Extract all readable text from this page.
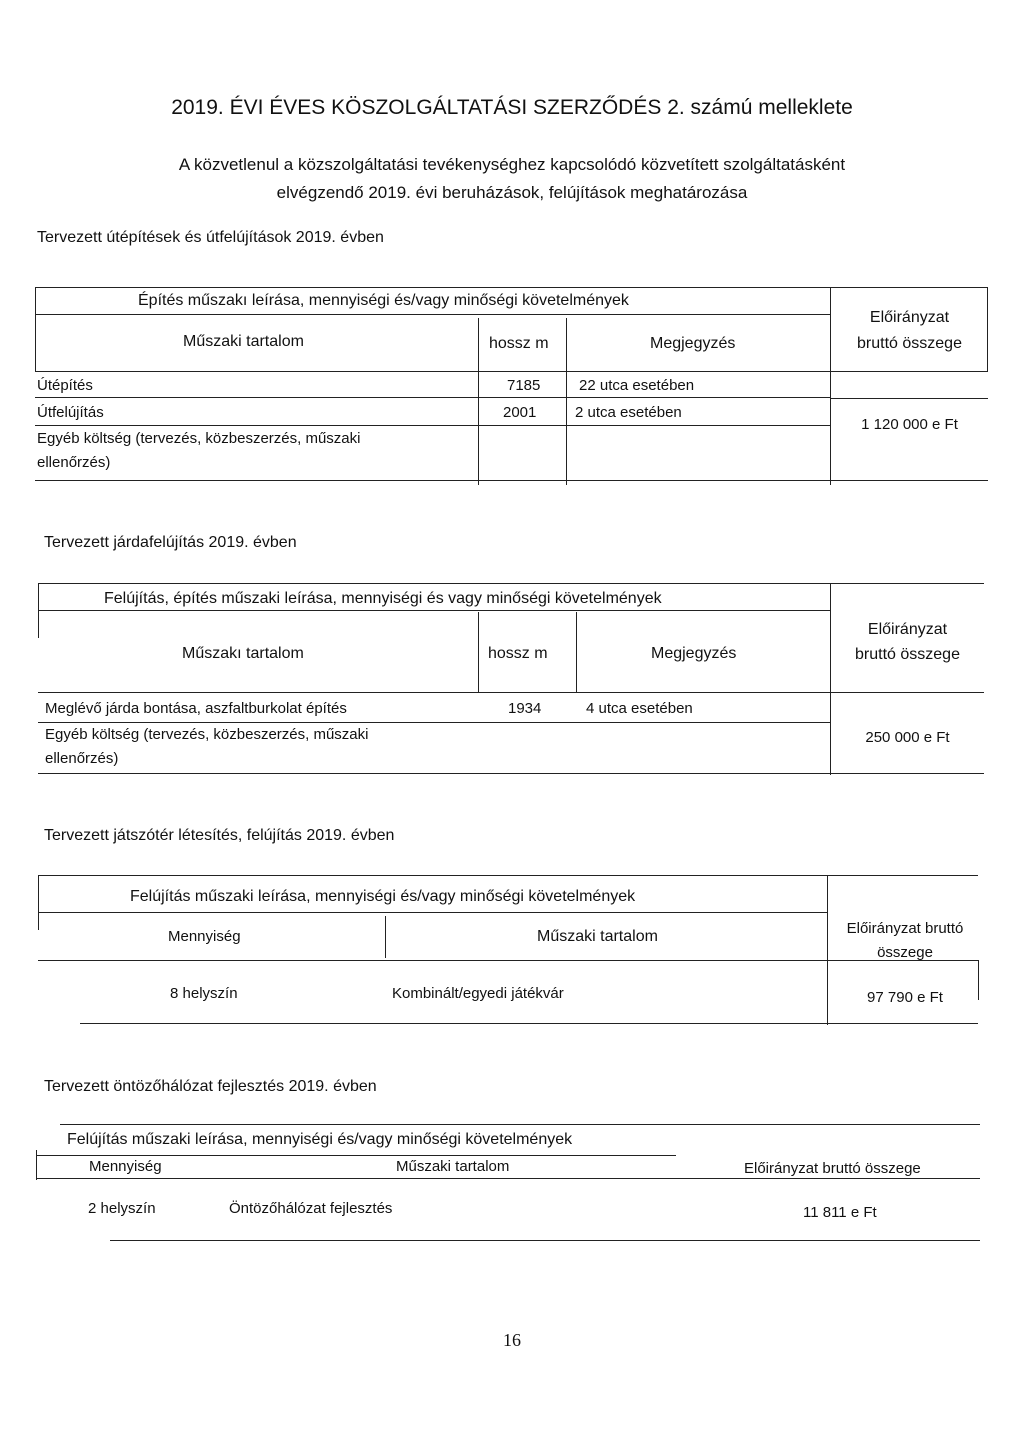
2019. ÉVI ÉVES KÖSZOLGÁLTATÁSI SZERZŐDÉS 2. számú melleklete
A közvetlenul a közszolgáltatási tevékenységhez kapcsolódó közvetített szolgáltatásként
elvégzendő 2019. évi beruházások, felújítások meghatározása
Tervezett útépítések és útfelújítások 2019. évben
Építés műszakı leírása, mennyiségi és/vagy minőségi követelmények
Műszaki tartalom	hossz m	Megjegyzés
Előirányzat
bruttó összege
Útépítés	7185	22 utca esetében
Útfelújítás	2001	2 utca esetében
Egyéb költség (tervezés, közbeszerzés, műszaki
ellenőrzés)
1 120 000 e Ft
Tervezett járdafelújítás 2019. évben
Felújítás, építés műszaki leírása, mennyiségi és vagy minőségi követelmények
Műszakı tartalom	hossz m	Megjegyzés
Előirányzat
bruttó összege
Meglévő járda bontása, aszfaltburkolat építés	1934	4 utca esetében
Egyéb költség (tervezés, közbeszerzés, műszaki
ellenőrzés)
250 000 e Ft
Tervezett játszótér létesítés, felújítás 2019. évben
Felújítás műszaki leírása, mennyiségi és/vagy minőségi követelmények
Mennyiség	Műszaki tartalom	Előirányzat bruttó
összege
8 helyszín	Kombinált/egyedi játékvár	97 790 e Ft
Tervezett öntözőhálózat fejlesztés 2019. évben
Felújítás műszaki leírása, mennyiségi és/vagy minőségi követelmények
Mennyiség	Műszaki tartalom	Előirányzat bruttó összege
2 helyszín	Öntözőhálózat fejlesztés	11 811 e Ft
16
